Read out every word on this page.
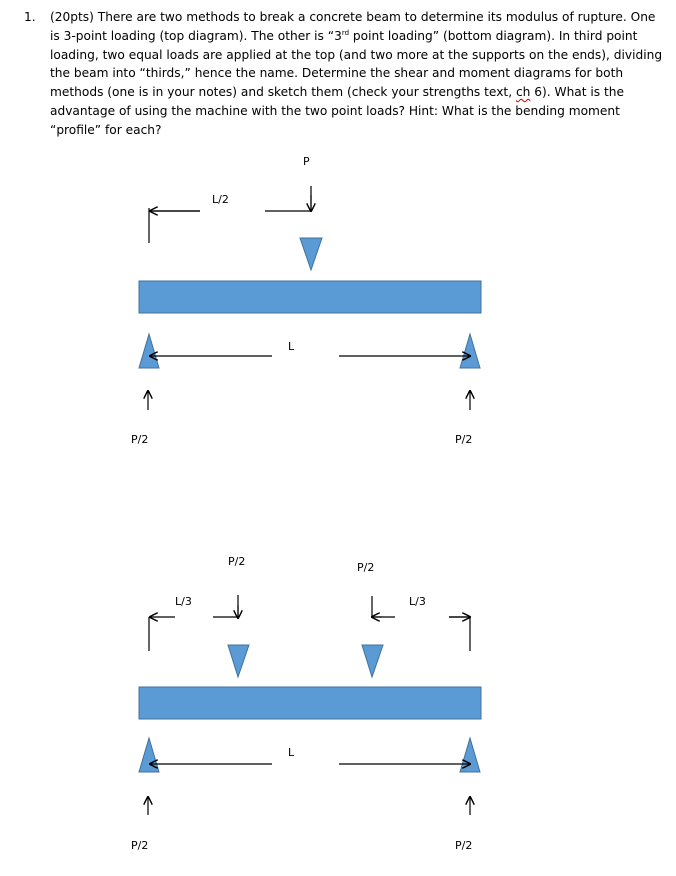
1. (20pts) There are two methods to break a concrete beam to determine its modulus of rupture. One is 3-point loading (top diagram). The other is “3rd point loading” (bottom diagram). In third point loading, two equal loads are applied at the top (and two more at the supports on the ends), dividing the beam into “thirds,” hence the name. Determine the shear and moment diagrams for both methods (one is in your notes) and sketch them (check your strengths text, ch 6). What is the advantage of using the machine with the two point loads? Hint: What is the bending moment “profile” for each?
P
L/2
L
P/2	P/2
P/2	P/2
L/3	L/3
L
P/2	P/2
